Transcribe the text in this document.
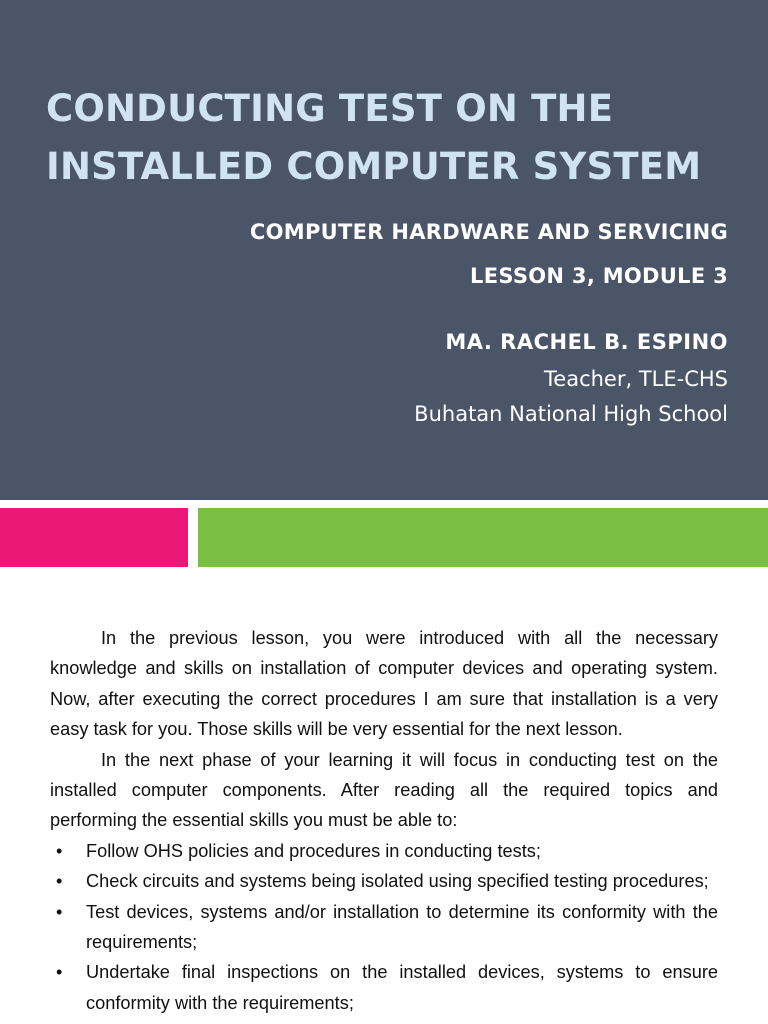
CONDUCTING TEST ON THE
INSTALLED COMPUTER SYSTEM
COMPUTER HARDWARE AND SERVICING
LESSON 3, MODULE 3
MA. RACHEL B. ESPINO
Teacher, TLE-CHS
Buhatan National High School

In the previous lesson, you were introduced with all the necessary knowledge and skills on installation of computer devices and operating system. Now, after executing the correct procedures I am sure that installation is a very easy task for you. Those skills will be very essential for the next lesson.

In the next phase of your learning it will focus in conducting test on the installed computer components. After reading all the required topics and performing the essential skills you must be able to:

• Follow OHS policies and procedures in conducting tests;
• Check circuits and systems being isolated using specified testing procedures;
• Test devices, systems and/or installation to determine its conformity with the requirements;
• Undertake final inspections on the installed devices, systems to ensure conformity with the requirements;
